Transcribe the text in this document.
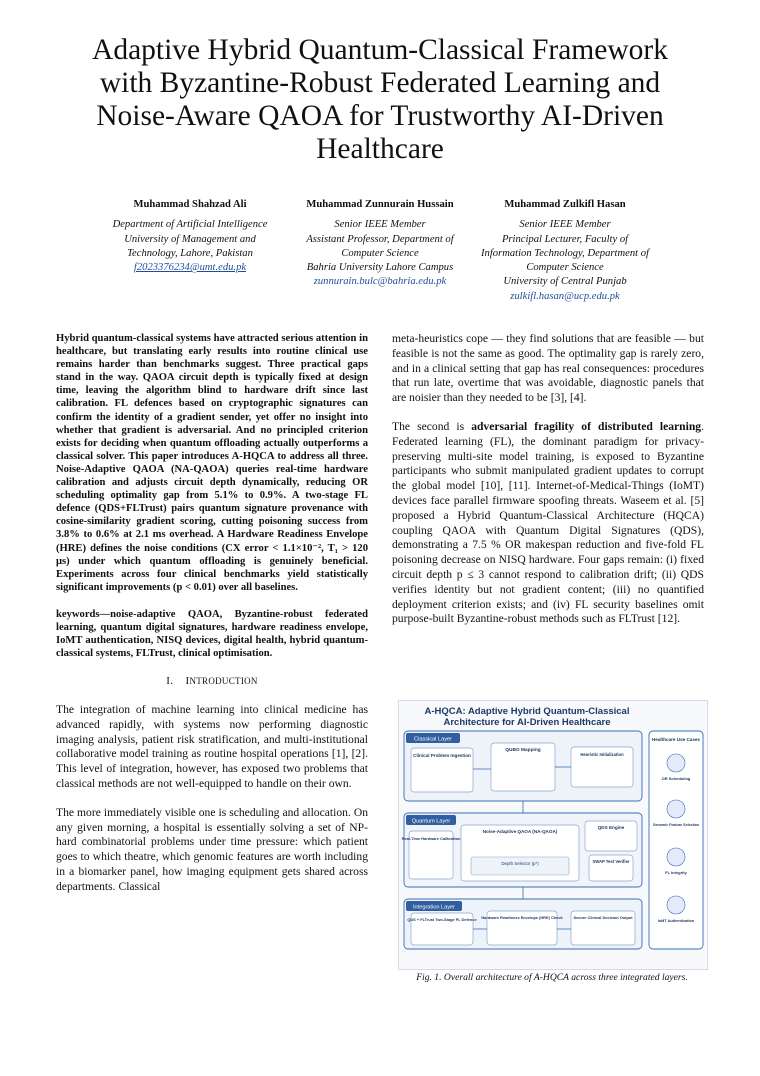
Adaptive Hybrid Quantum-Classical Framework
with Byzantine-Robust Federated Learning and
Noise-Aware QAOA for Trustworthy AI-Driven
Healthcare
Muhammad Shahzad Ali
Department of Artificial Intelligence
University of Management and
Technology, Lahore, Pakistan
f2023376234@umt.edu.pk
Muhammad Zunnurain Hussain
Senior IEEE Member
Assistant Professor, Department of
Computer Science
Bahria University Lahore Campus
zunnurain.bulc@bahria.edu.pk
Muhammad Zulkifl Hasan
Senior IEEE Member
Principal Lecturer, Faculty of
Information Technology, Department of
Computer Science
University of Central Punjab
zulkifl.hasan@ucp.edu.pk

Hybrid quantum-classical systems have attracted serious attention in healthcare, but translating early results into routine clinical use remains harder than benchmarks suggest. Three practical gaps stand in the way. QAOA circuit depth is typically fixed at design time, leaving the algorithm blind to hardware drift since last calibration. FL defences based on cryptographic signatures can confirm the identity of a gradient sender, yet offer no insight into whether that gradient is adversarial. And no principled criterion exists for deciding when quantum offloading actually outperforms a classical solver. This paper introduces A-HQCA to address all three. Noise-Adaptive QAOA (NA-QAOA) queries real-time hardware calibration and adjusts circuit depth dynamically, reducing OR scheduling optimality gap from 5.1% to 0.9%. A two-stage FL defence (QDS+FLTrust) pairs quantum signature provenance with cosine-similarity gradient scoring, cutting poisoning success from 3.8% to 0.6% at 2.1 ms overhead. A Hardware Readiness Envelope (HRE) defines the noise conditions (CX error < 1.1×10⁻², T₁ > 120 μs) under which quantum offloading is genuinely beneficial. Experiments across four clinical benchmarks yield statistically significant improvements (p < 0.01) over all baselines.

keywords—noise-adaptive QAOA, Byzantine-robust federated learning, quantum digital signatures, hardware readiness envelope, IoMT authentication, NISQ devices, digital health, hybrid quantum-classical systems, FLTrust, clinical optimisation.

I. INTRODUCTION

The integration of machine learning into clinical medicine has advanced rapidly, with systems now performing diagnostic imaging analysis, patient risk stratification, and multi-institutional collaborative model training as routine hospital operations [1], [2]. This level of integration, however, has exposed two problems that classical methods are not well-equipped to handle on their own.

The more immediately visible one is scheduling and allocation. On any given morning, a hospital is essentially solving a set of NP-hard combinatorial problems under time pressure: which patient goes to which theatre, which genomic features are worth including in a biomarker panel, how imaging equipment gets shared across departments. Classical

meta-heuristics cope — they find solutions that are feasible — but feasible is not the same as good. The optimality gap is rarely zero, and in a clinical setting that gap has real consequences: procedures that run late, overtime that was avoidable, diagnostic panels that are noisier than they needed to be [3], [4].

The second is adversarial fragility of distributed learning. Federated learning (FL), the dominant paradigm for privacy-preserving multi-site model training, is exposed to Byzantine participants who submit manipulated gradient updates to corrupt the global model [10], [11]. Internet-of-Medical-Things (IoMT) devices face parallel firmware spoofing threats. Waseem et al. [5] proposed a Hybrid Quantum-Classical Architecture (HQCA) coupling QAOA with Quantum Digital Signatures (QDS), demonstrating a 7.5 % OR makespan reduction and five-fold FL poisoning decrease on NISQ hardware. Four gaps remain: (i) fixed circuit depth p ≤ 3 cannot respond to calibration drift; (ii) QDS verifies identity but not gradient content; (iii) no quantified deployment criterion exists; and (iv) FL security baselines omit purpose-built Byzantine-robust methods such as FLTrust [12].

A-HQCA: Adaptive Hybrid Quantum-Classical
Architecture for AI-Driven Healthcare
Classical Layer
Clinical Problem Ingestion
QUBO Mapping
Heuristic Initialization
Quantum Layer
Real-Time Hardware Calibration
Noise-Adaptive QAOA (NA-QAOA)
Depth Selector (p*)
QDS Engine
SWAP Test Verifier
Integration Layer
QDS + FLTrust Two-Stage FL Defence Hardware Readiness Envelope (HRE) Check	Secure Clinical Decision Output
Healthcare Use Cases
OR Scheduling
Genomic Feature Selection
FL Integrity
IoMT Authentication
Fig. 1. Overall architecture of A-HQCA across three integrated layers.
